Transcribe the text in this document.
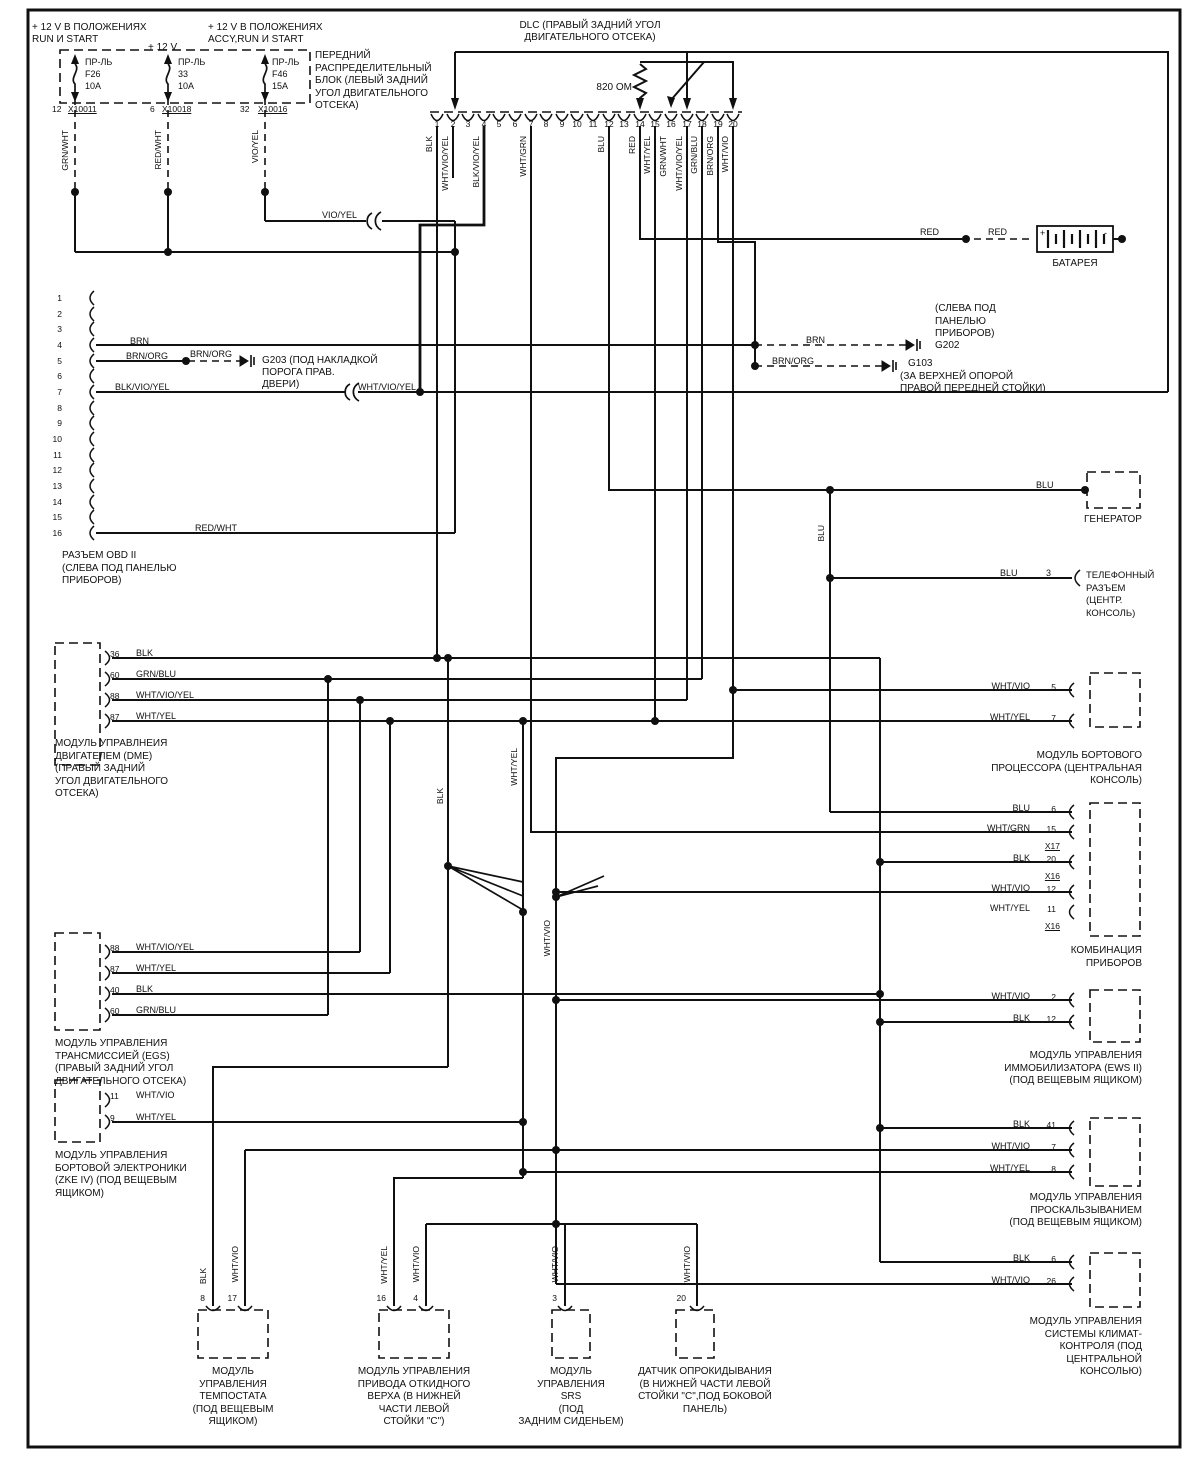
+ 12 V В ПОЛОЖЕНИЯХ
RUN И START
+ 12 V
+ 12 V В ПОЛОЖЕНИЯХ
ACCY,RUN И START
ПР-ЛЬ
F26
10A
ПР-ЛЬ
33
10A
ПР-ЛЬ
F46
15A
12 X10011	6 X10018	32 X10016
GRN/WHT	RED/WHT	VIO/YEL
ПЕРЕДНИЙ
РАСПРЕДЕЛИТЕЛЬНЫЙ
БЛОК (ЛЕВЫЙ ЗАДНИЙ
УГОЛ ДВИГАТЕЛЬНОГО
ОТСЕКА)
DLC (ПРАВЫЙ ЗАДНИЙ УГОЛ
ДВИГАТЕЛЬНОГО ОТСЕКА)
820 ОМ
1	2	3	4	5	6	7	8	9 10 11 12 13 14 15 16 17 18 19 20
BLK WHT/VIO/YEL BLK/VIO/YEL	WHT/GRN	BLU RED WHT/YEL GRN/WHT WHT/VIO/YEL GRN/BLU BRN/ORG WHT/VIO
RED	RED	+	-
БАТАРЕЯ
1
2
3
4
5
6
7
8
9
10
11
12
13
14
15
16
BRN
BRN/ORG
BLK/VIO/YEL	WHT/VIO/YEL
RED/WHT
VIO/YEL
РАЗЪЕМ OBD II
(СЛЕВА ПОД ПАНЕЛЬЮ
ПРИБОРОВ)
BRN
(СЛЕВА ПОД
ПАНЕЛЬЮ
ПРИБОРОВ)
G202
BRN/ORG
G203 (ПОД НАКЛАДКОЙ
ПОРОГА ПРАВ.
ДВЕРИ)
BRN/ORG	G103
(ЗА ВЕРХНЕЙ ОПОРОЙ
ПРАВОЙ ПЕРЕДНЕЙ СТОЙКИ)
BLU
ГЕНЕРАТОР
BLU
BLU	3	ТЕЛЕФОННЫЙ
РАЗЪЕМ
(ЦЕНТР.
КОНСОЛЬ)
36 BLK
60 GRN/BLU
88 WHT/VIO/YEL
87 WHT/YEL
МОДУЛЬ УПРАВЛНЕИЯ
ДВИГАТЕЛЕМ (DME)
(ПРАВЫЙ ЗАДНИЙ
УГОЛ ДВИГАТЕЛЬНОГО
ОТСЕКА)
WHT/YEL
BLK
WHT/VIO
WHT/VIO	5
WHT/YEL	7
МОДУЛЬ БОРТОВОГО
ПРОЦЕССОРА (ЦЕНТРАЛЬНАЯ
КОНСОЛЬ)
BLU	6
WHT/GRN	15
X17
BLK	20
X16
WHT/VIO	12
WHT/YEL	11
X16
КОМБИНАЦИЯ
ПРИБОРОВ
88 WHT/VIO/YEL
87 WHT/YEL
40 BLK
60 GRN/BLU
МОДУЛЬ УПРАВЛЕНИЯ
ТРАНСМИССИЕЙ (EGS)
(ПРАВЫЙ ЗАДНИЙ УГОЛ
ДВИГАТЕЛЬНОГО ОТСЕКА)
WHT/VIO	2
BLK	12
МОДУЛЬ УПРАВЛЕНИЯ
ИММОБИЛИЗАТОРА (EWS II)
(ПОД ВЕЩЕВЫМ ЯЩИКОМ)
11 WHT/VIO
9 WHT/YEL
МОДУЛЬ УПРАВЛЕНИЯ
БОРТОВОЙ ЭЛЕКТРОНИКИ
(ZKE IV) (ПОД ВЕЩЕВЫМ
ЯЩИКОМ)
BLK	41
WHT/VIO	7
WHT/YEL	8
МОДУЛЬ УПРАВЛЕНИЯ
ПРОСКАЛЬЗЫВАНИЕМ
(ПОД ВЕЩЕВЫМ ЯЩИКОМ)
BLK	6
WHT/VIO	26
МОДУЛЬ УПРАВЛЕНИЯ
СИСТЕМЫ КЛИМАТ-
КОНТРОЛЯ (ПОД
ЦЕНТРАЛЬНОЙ
КОНСОЛЬЮ)
BLK	WHT/VIO
8	17
МОДУЛЬ
УПРАВЛЕНИЯ
ТЕМПОСТАТА
(ПОД ВЕЩЕВЫМ
ЯЩИКОМ)
WHT/YEL	WHT/VIO
16	4
МОДУЛЬ УПРАВЛЕНИЯ
ПРИВОДА ОТКИДНОГО
ВЕРХА (В НИЖНЕЙ
ЧАСТИ ЛЕВОЙ
СТОЙКИ "С")
WHT/VIO
3
МОДУЛЬ
УПРАВЛЕНИЯ
SRS
(ПОД
ЗАДНИМ СИДЕНЬЕМ)
WHT/VIO
20
ДАТЧИК ОПРОКИДЫВАНИЯ
(В НИЖНЕЙ ЧАСТИ ЛЕВОЙ
СТОЙКИ "С",ПОД БОКОВОЙ
ПАНЕЛЬ)
